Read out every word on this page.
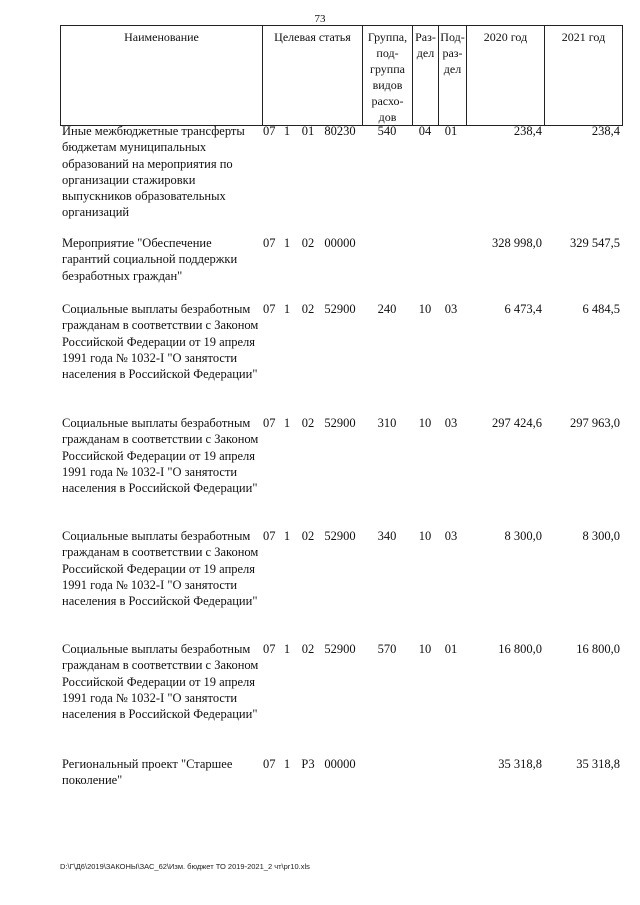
73
Наименование	Целевая статья	Группа,
под-
группа
видов
расхо-
дов	Раз-
дел	Под-
раз-
дел	2020 год	2021 год
Иные межбюджетные трансферты бюджетам муниципальных образований на мероприятия по организации стажировки выпускников образовательных организаций
07 1 01 80230	540	04	01	238,4	238,4
Мероприятие "Обеспечение гарантий социальной поддержки безработных граждан"
07 1 02 00000	328 998,0	329 547,5
Социальные выплаты безработным гражданам в соответствии с Законом Российской Федерации от 19 апреля 1991 года № 1032-I "О занятости населения в Российской Федерации"
07 1 02 52900	240	10	03	6 473,4	6 484,5
Социальные выплаты безработным гражданам в соответствии с Законом Российской Федерации от 19 апреля 1991 года № 1032-I "О занятости населения в Российской Федерации"
07 1 02 52900	310	10	03	297 424,6	297 963,0
Социальные выплаты безработным гражданам в соответствии с Законом Российской Федерации от 19 апреля 1991 года № 1032-I "О занятости населения в Российской Федерации"
07 1 02 52900	340	10	03	8 300,0	8 300,0
Социальные выплаты безработным гражданам в соответствии с Законом Российской Федерации от 19 апреля 1991 года № 1032-I "О занятости населения в Российской Федерации"
07 1 02 52900	570	10	01	16 800,0	16 800,0
Региональный проект "Старшее поколение"
07 1 P3 00000	35 318,8	35 318,8
D:\Г\Д6\2019\ЗАКОНЫ\ЗАС_62\Изм. бюджет ТО 2019-2021_2 чт\pr10.xls
